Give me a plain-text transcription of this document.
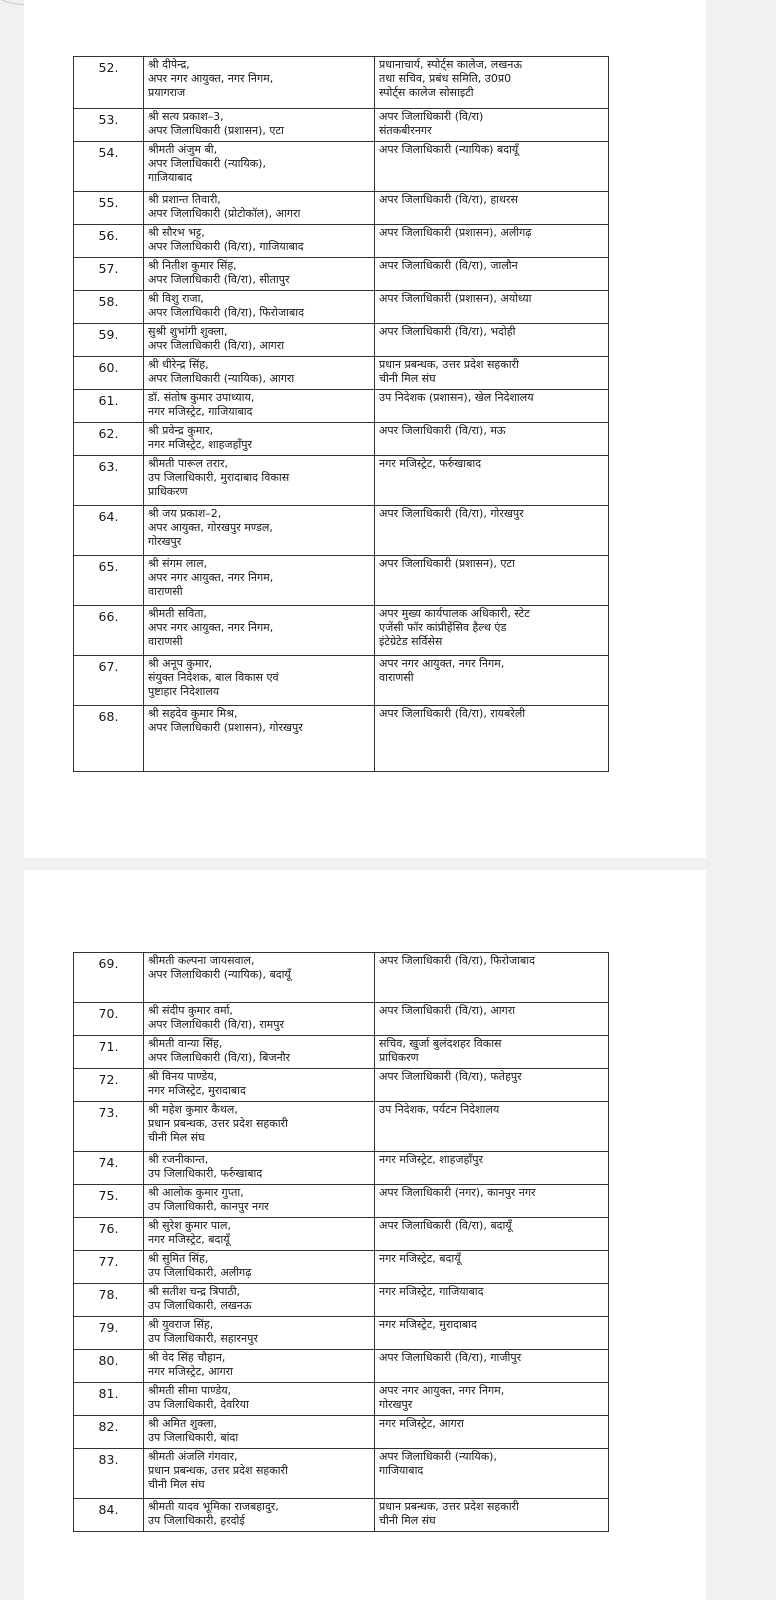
52.	श्री दीपेन्द्र,
अपर नगर आयुक्त, नगर निगम,
प्रयागराज	प्रधानाचार्य, स्पोर्ट्स कालेज, लखनऊ
तथा सचिव, प्रबंध समिति, उ0प्र0
स्पोर्ट्स कालेज सोसाइटी
53.	श्री सत्य प्रकाश–3,
अपर जिलाधिकारी (प्रशासन), एटा	अपर जिलाधिकारी (वि/रा)
संतकबीरनगर
54.	श्रीमती अंजुम बी,
अपर जिलाधिकारी (न्यायिक),
गाजियाबाद	अपर जिलाधिकारी (न्यायिक) बदायूँ
55.	श्री प्रशान्त तिवारी,
अपर जिलाधिकारी (प्रोटोकॉल), आगरा	अपर जिलाधिकारी (वि/रा), हाथरस
56.	श्री सौरभ भट्ट,
अपर जिलाधिकारी (वि/रा), गाजियाबाद	अपर जिलाधिकारी (प्रशासन), अलीगढ़
57.	श्री नितीश कुमार सिंह,
अपर जिलाधिकारी (वि/रा), सीतापुर	अपर जिलाधिकारी (वि/रा), जालौन
58.	श्री विशु राजा,
अपर जिलाधिकारी (वि/रा), फिरोजाबाद	अपर जिलाधिकारी (प्रशासन), अयोध्या
59.	सुश्री शुभांगी शुक्ला,
अपर जिलाधिकारी (वि/रा), आगरा	अपर जिलाधिकारी (वि/रा), भदोही
60.	श्री धीरेन्द्र सिंह,
अपर जिलाधिकारी (न्यायिक), आगरा	प्रधान प्रबन्धक, उत्तर प्रदेश सहकारी
चीनी मिल संघ
61.	डॉ. संतोष कुमार उपाध्याय,
नगर मजिस्ट्रेट, गाजियाबाद	उप निदेशक (प्रशासन), खेल निदेशालय
62.	श्री प्रवेन्द्र कुमार,
नगर मजिस्ट्रेट, शाहजहाँपुर	अपर जिलाधिकारी (वि/रा), मऊ
63.	श्रीमती पारूल तरार,
उप जिलाधिकारी, मुरादाबाद विकास
प्राधिकरण	नगर मजिस्ट्रेट, फर्रुखाबाद
64.	श्री जय प्रकाश–2,
अपर आयुक्त, गोरखपुर मण्डल,
गोरखपुर	अपर जिलाधिकारी (वि/रा), गोरखपुर
65.	श्री संगम लाल,
अपर नगर आयुक्त, नगर निगम,
वाराणसी	अपर जिलाधिकारी (प्रशासन), एटा
66.	श्रीमती सविता,
अपर नगर आयुक्त, नगर निगम,
वाराणसी	अपर मुख्य कार्यपालक अधिकारी, स्टेट
एजेंसी फॉर कांप्रीहेंसिव हैल्थ एंड
इंटेग्रेटेड सर्विसेस
67.	श्री अनूप कुमार,
संयुक्त निदेशक, बाल विकास एवं
पुष्टाहार निदेशालय	अपर नगर आयुक्त, नगर निगम,
वाराणसी
68.	श्री सहदेव कुमार मिश्र,
अपर जिलाधिकारी (प्रशासन), गोरखपुर	अपर जिलाधिकारी (वि/रा), रायबरेली
69.	श्रीमती कल्पना जायसवाल,
अपर जिलाधिकारी (न्यायिक), बदायूँ	अपर जिलाधिकारी (वि/रा), फिरोजाबाद
70.	श्री संदीप कुमार वर्मा,
अपर जिलाधिकारी (वि/रा), रामपुर	अपर जिलाधिकारी (वि/रा), आगरा
71.	श्रीमती वान्या सिंह,
अपर जिलाधिकारी (वि/रा), बिजनौर	सचिव, खुर्जा बुलंदशहर विकास
प्राधिकरण
72.	श्री विनय पाण्डेय,
नगर मजिस्ट्रेट, मुरादाबाद	अपर जिलाधिकारी (वि/रा), फतेहपुर
73.	श्री महेश कुमार कैथल,
प्रधान प्रबन्धक, उत्तर प्रदेश सहकारी
चीनी मिल संघ	उप निदेशक, पर्यटन निदेशालय
74.	श्री रजनीकान्त,
उप जिलाधिकारी, फर्रुखाबाद	नगर मजिस्ट्रेट, शाहजहाँपुर
75.	श्री आलोक कुमार गुप्ता,
उप जिलाधिकारी, कानपुर नगर	अपर जिलाधिकारी (नगर), कानपुर नगर
76.	श्री सुरेश कुमार पाल,
नगर मजिस्ट्रेट, बदायूँ	अपर जिलाधिकारी (वि/रा), बदायूँ
77.	श्री सुमित सिंह,
उप जिलाधिकारी, अलीगढ़	नगर मजिस्ट्रेट, बदायूँ
78.	श्री सतीश चन्द्र त्रिपाठी,
उप जिलाधिकारी, लखनऊ	नगर मजिस्ट्रेट, गाजियाबाद
79.	श्री युवराज सिंह,
उप जिलाधिकारी, सहारनपुर	नगर मजिस्ट्रेट, मुरादाबाद
80.	श्री वेद सिंह चौहान,
नगर मजिस्ट्रेट, आगरा	अपर जिलाधिकारी (वि/रा), गाजीपुर
81.	श्रीमती सीमा पाण्डेय,
उप जिलाधिकारी, देवरिया	अपर नगर आयुक्त, नगर निगम,
गोरखपुर
82.	श्री अमित शुक्ला,
उप जिलाधिकारी, बांदा	नगर मजिस्ट्रेट, आगरा
83.	श्रीमती अंजलि गंगवार,
प्रधान प्रबन्धक, उत्तर प्रदेश सहकारी
चीनी मिल संघ	अपर जिलाधिकारी (न्यायिक),
गाजियाबाद
84.	श्रीमती यादव भूमिका राजबहादुर,
उप जिलाधिकारी, हरदोई	प्रधान प्रबन्धक, उत्तर प्रदेश सहकारी
चीनी मिल संघ
